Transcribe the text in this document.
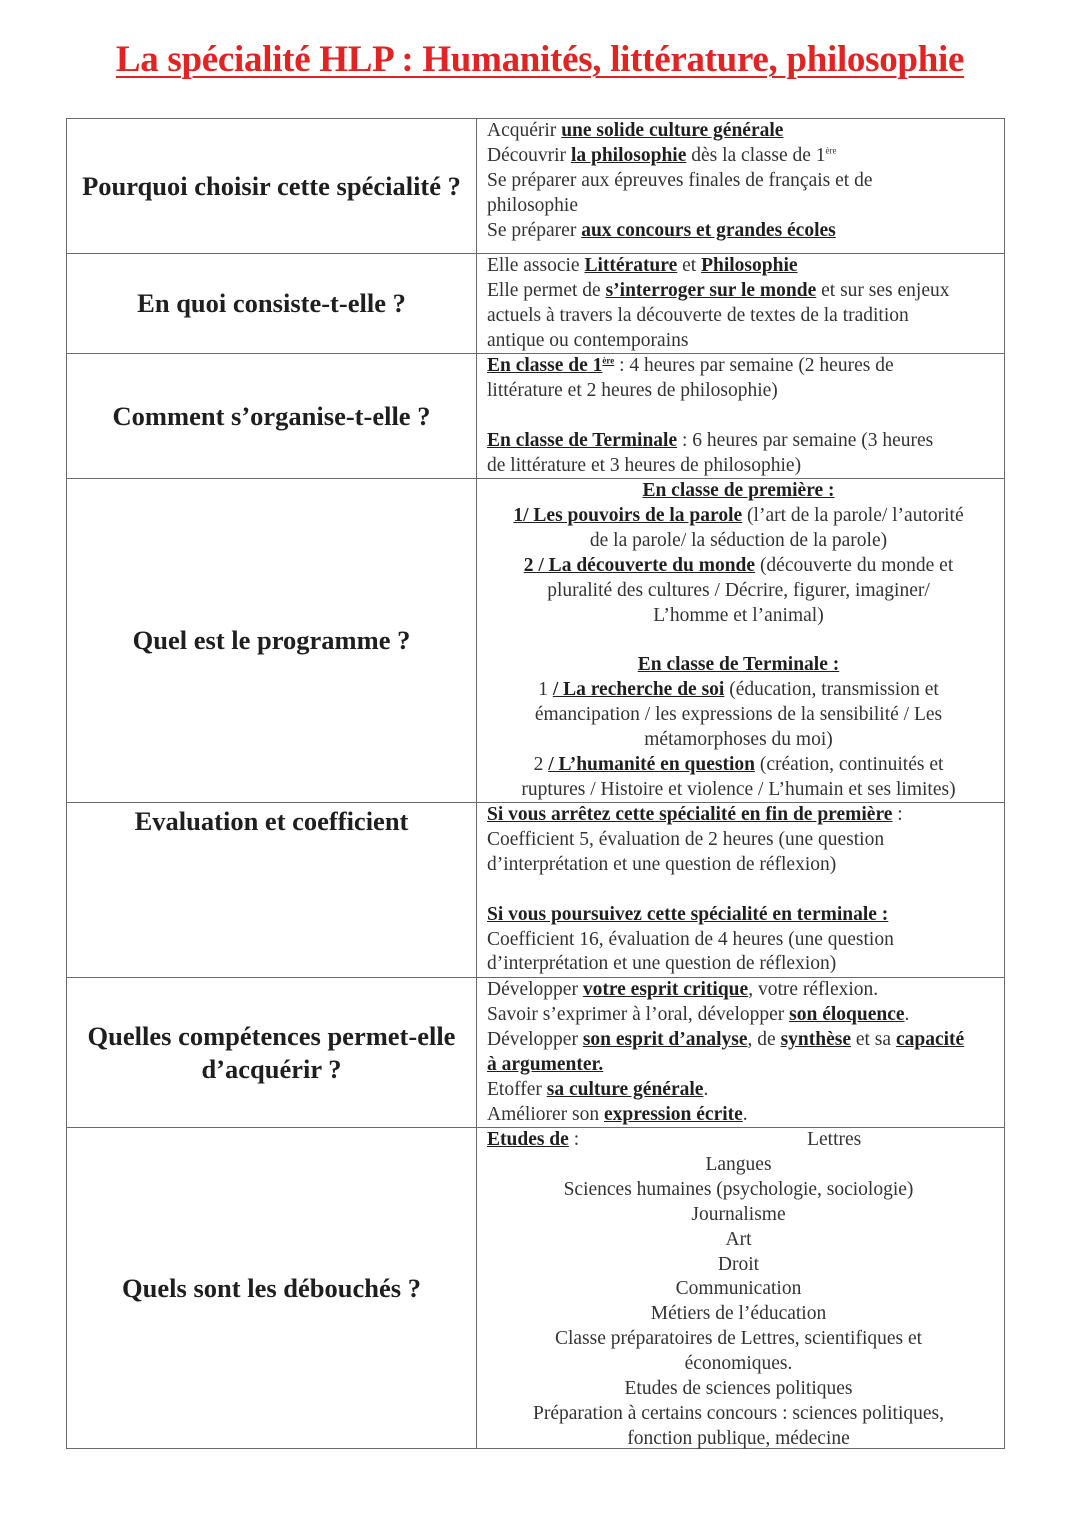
La spécialité HLP : Humanités, littérature, philosophie
Pourquoi choisir cette spécialité ?
Acquérir une solide culture générale
Découvrir la philosophie dès la classe de 1ère
Se préparer aux épreuves finales de français et de
philosophie
Se préparer aux concours et grandes écoles
En quoi consiste-t-elle ?
Elle associe Littérature et Philosophie
Elle permet de s’interroger sur le monde et sur ses enjeux
actuels à travers la découverte de textes de la tradition
antique ou contemporains
Comment s’organise-t-elle ?
En classe de 1ère : 4 heures par semaine (2 heures de
littérature et 2 heures de philosophie)
En classe de Terminale : 6 heures par semaine (3 heures
de littérature et 3 heures de philosophie)
Quel est le programme ?
En classe de première :
1/ Les pouvoirs de la parole (l’art de la parole/ l’autorité
de la parole/ la séduction de la parole)
2 / La découverte du monde (découverte du monde et
pluralité des cultures / Décrire, figurer, imaginer/
L’homme et l’animal)
En classe de Terminale :
1 / La recherche de soi (éducation, transmission et
émancipation / les expressions de la sensibilité / Les
métamorphoses du moi)
2 / L’humanité en question (création, continuités et
ruptures / Histoire et violence / L’humain et ses limites)
Evaluation et coefficient	Si vous arrêtez cette spécialité en fin de première :
Coefficient 5, évaluation de 2 heures (une question
d’interprétation et une question de réflexion)
Si vous poursuivez cette spécialité en terminale :
Coefficient 16, évaluation de 4 heures (une question
d’interprétation et une question de réflexion)
Quelles compétences permet-elle
d’acquérir ?
Développer votre esprit critique, votre réflexion.
Savoir s’exprimer à l’oral, développer son éloquence.
Développer son esprit d’analyse, de synthèse et sa capacité
à argumenter.
Etoffer sa culture générale.
Améliorer son expression écrite.
Quels sont les débouchés ?
Etudes de :	Lettres
Langues
Sciences humaines (psychologie, sociologie)
Journalisme
Art
Droit
Communication
Métiers de l’éducation
Classe préparatoires de Lettres, scientifiques et
économiques.
Etudes de sciences politiques
Préparation à certains concours : sciences politiques,
fonction publique, médecine
